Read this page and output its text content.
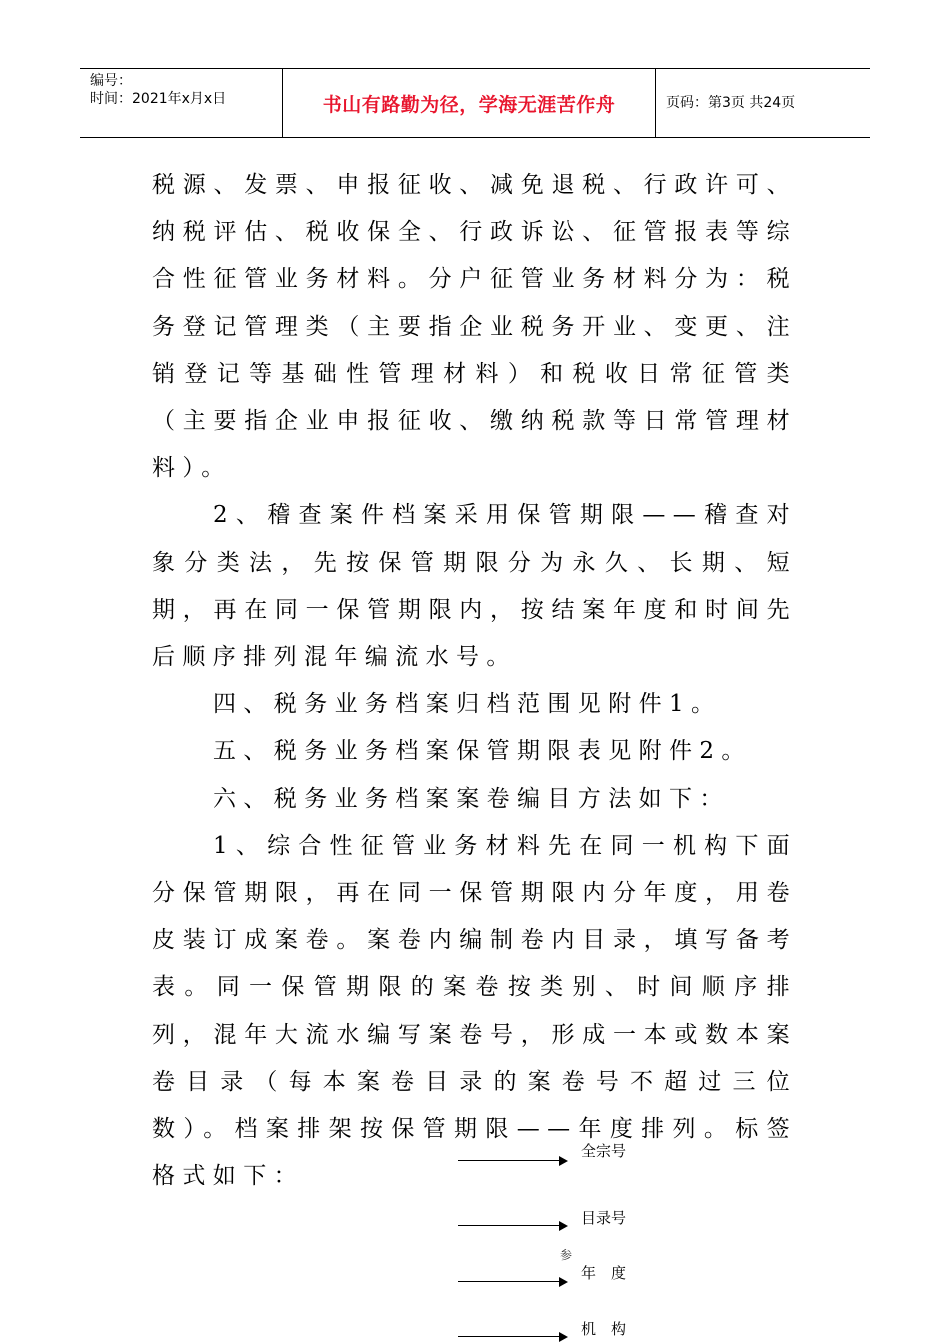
编号：
时间：2021年x月x日	书山有路勤为径，学海无涯苦作舟	页码：第3页 共24页

税源、发票、申报征收、减免退税、行政许可、纳税评估、税收保全、行政诉讼、征管报表等综合性征管业务材料。分户征管业务材料分为：税务登记管理类（主要指企业税务开业、变更、注销登记等基础性管理材料）和税收日常征管类（主要指企业申报征收、缴纳税款等日常管理材料）。

2、稽查案件档案采用保管期限——稽查对象分类法，先按保管期限分为永久、长期、短期，再在同一保管期限内，按结案年度和时间先后顺序排列混年编流水号。

四、税务业务档案归档范围见附件1。

五、税务业务档案保管期限表见附件2。

六、税务业务档案案卷编目方法如下：

1、综合性征管业务材料先在同一机构下面分保管期限，再在同一保管期限内分年度，用卷皮装订成案卷。案卷内编制卷内目录，填写备考表。同一保管期限的案卷按类别、时间顺序排列，混年大流水编写案卷号，形成一本或数本案卷目录（每本案卷目录的案卷号不超过三位数）。档案排架按保管期限——年度排列。标签格式如下：

全宗号
目录号
参
年　度
机　构
